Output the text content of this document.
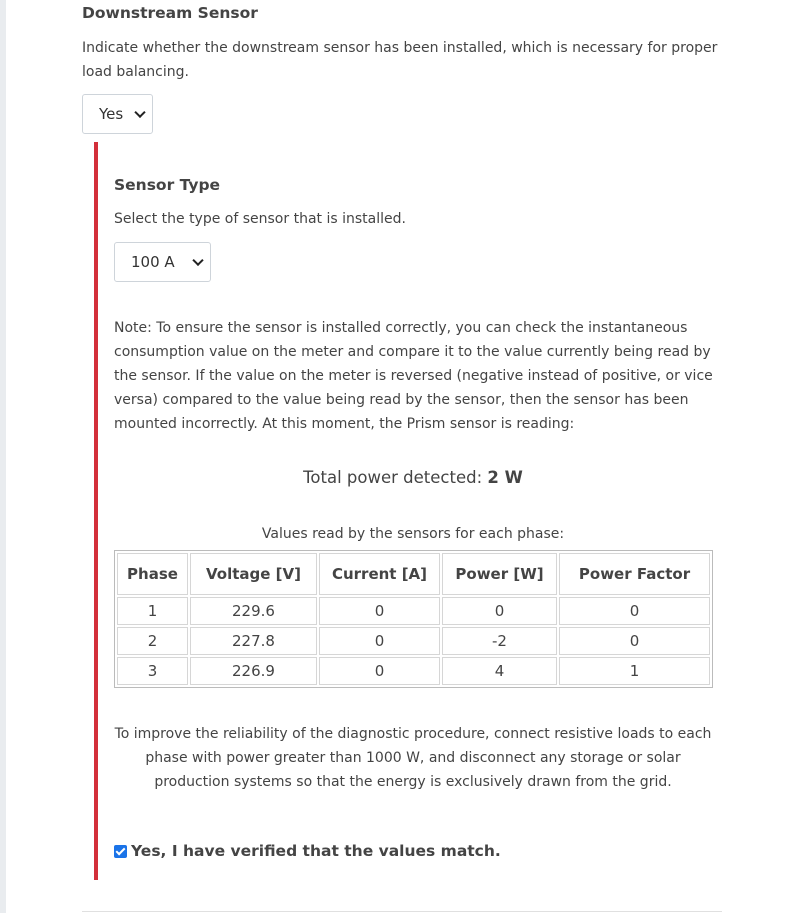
Downstream Sensor
Indicate whether the downstream sensor has been installed, which is necessary for proper load balancing.
Yes
Sensor Type
Select the type of sensor that is installed.
100 A
Note: To ensure the sensor is installed correctly, you can check the instantaneous consumption value on the meter and compare it to the value currently being read by the sensor. If the value on the meter is reversed (negative instead of positive, or vice versa) compared to the value being read by the sensor, then the sensor has been mounted incorrectly. At this moment, the Prism sensor is reading:
Total power detected: 2 W
Values read by the sensors for each phase:
Phase	Voltage [V]	Current [A]	Power [W]	Power Factor
1	229.6	0	0	0
2	227.8	0	-2	0
3	226.9	0	4	1
To improve the reliability of the diagnostic procedure, connect resistive loads to each phase with power greater than 1000 W, and disconnect any storage or solar production systems so that the energy is exclusively drawn from the grid.
Yes, I have verified that the values match.
